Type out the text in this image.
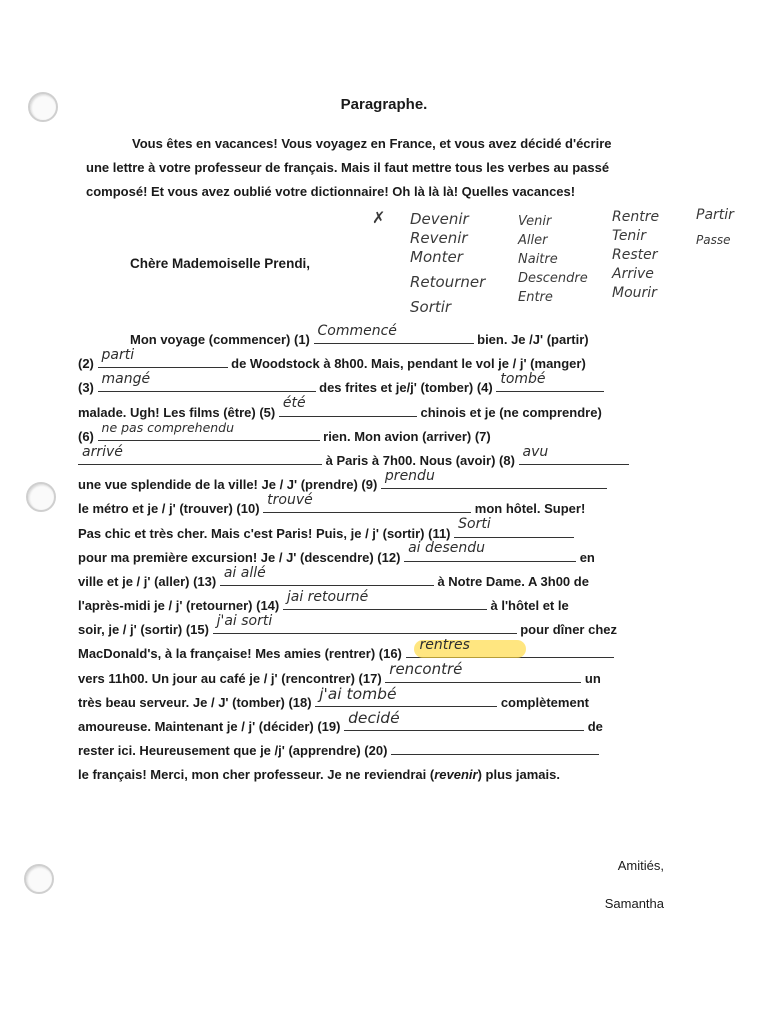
Paragraphe.
Vous êtes en vacances! Vous voyagez en France, et vous avez décidé d'écrire
une lettre à votre professeur de français. Mais il faut mettre tous les verbes au passé
composé! Et vous avez oublié votre dictionnaire! Oh là là là! Quelles vacances!
Chère Mademoiselle Prendi,
✗	Devenir
Revenir
Monter
Retourner
Sortir
Venir
Aller
Naitre
Descendre
Entre
Rentre
Tenir
Rester
Arrive
Mourir
Partir
Passe
Mon voyage (commencer) (1)
Commencé
bien. Je /J' (partir)
(2)
parti
de Woodstock à 8h00. Mais, pendant le vol je / j' (manger)
(3)
mangé
des frites et je/j' (tomber) (4)
tombé
malade. Ugh! Les films (être) (5)
été
chinois et je (ne comprendre)
(6)
ne pas comprehendu
rien. Mon avion (arriver) (7)
arrivé
à Paris à 7h00. Nous (avoir) (8)
avu
une vue splendide de la ville! Je / J' (prendre) (9)
prendu
le métro et je / j' (trouver) (10)
trouvé
mon hôtel. Super!
Pas chic et très cher. Mais c'est Paris! Puis, je / j' (sortir) (11)
Sorti
pour ma première excursion! Je / J' (descendre) (12)
ai desendu
en
ville et je / j' (aller) (13)
ai allé
à Notre Dame. A 3h00 de
l'après-midi je / j' (retourner) (14)
jai retourné
à l'hôtel et le
soir, je / j' (sortir) (15)
j'ai sorti
pour dîner chez
MacDonald's, à la française! Mes amies (rentrer) (16)
rentres
vers 11h00. Un jour au café je / j' (rencontrer) (17) rencontré	un
très beau serveur. Je / J' (tomber) (18) j'ai tombé	complètement
amoureuse. Maintenant je / j' (décider) (19) decidé	de
rester ici. Heureusement que je /j' (apprendre) (20)
le français! Merci, mon cher professeur. Je ne reviendrai (revenir) plus jamais.
Amitiés,
Samantha
